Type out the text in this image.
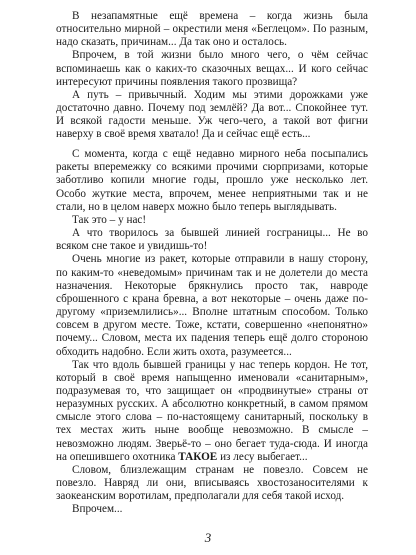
В незапамятные ещё времена – когда жизнь была относительно мирной – окрестили меня «Беглецом». По разным, надо сказать, причинам... Да так оно и осталось.

Впрочем, в той жизни было много чего, о чём сейчас вспоминаешь как о каких-то сказочных вещах... И кого сейчас интересуют причины появления такого прозвища?

А путь – привычный. Ходим мы этими дорожками уже достаточно давно. Почему под землёй? Да вот... Спокойнее тут. И всякой гадости меньше. Уж чего-чего, а такой вот фигни наверху в своё время хватало! Да и сейчас ещё есть...

С момента, когда с ещё недавно мирного неба посыпались ракеты вперемежку со всякими прочими сюрпризами, которые заботливо копили многие годы, прошло уже несколько лет. Особо жуткие места, впрочем, менее неприятными так и не стали, но в целом наверх можно было теперь выглядывать.

Так это – у нас!

А что творилось за бывшей линией госграницы... Не во всяком сне такое и увидишь-то!

Очень многие из ракет, которые отправили в нашу сторону, по каким-то «неведомым» причинам так и не долетели до места назначения. Некоторые брякнулись просто так, навроде сброшенного с крана бревна, а вот некоторые – очень даже по-другому «приземлились»... Вполне штатным способом. Только совсем в другом месте. Тоже, кстати, совершенно «непонятно» почему... Словом, места их падения теперь ещё долго стороною обходить надобно. Если жить охота, разумеется...

Так что вдоль бывшей границы у нас теперь кордон. Не тот, который в своё время напыщенно именовали «санитарным», подразумевая то, что защищает он «продвинутые» страны от неразумных русских. А абсолютно конкретный, в самом прямом смысле этого слова – по-настоящему санитарный, поскольку в тех местах жить ныне вообще невозможно. В смысле – невозможно людям. Зверьё-то – оно бегает туда-сюда. И иногда на опешившего охотника ТАКОЕ из лесу выбегает...

Словом, близлежащим странам не повезло. Совсем не повезло. Навряд ли они, вписываясь хвостозаносителями к заокеанским воротилам, предполагали для себя такой исход.

Впрочем...

3
